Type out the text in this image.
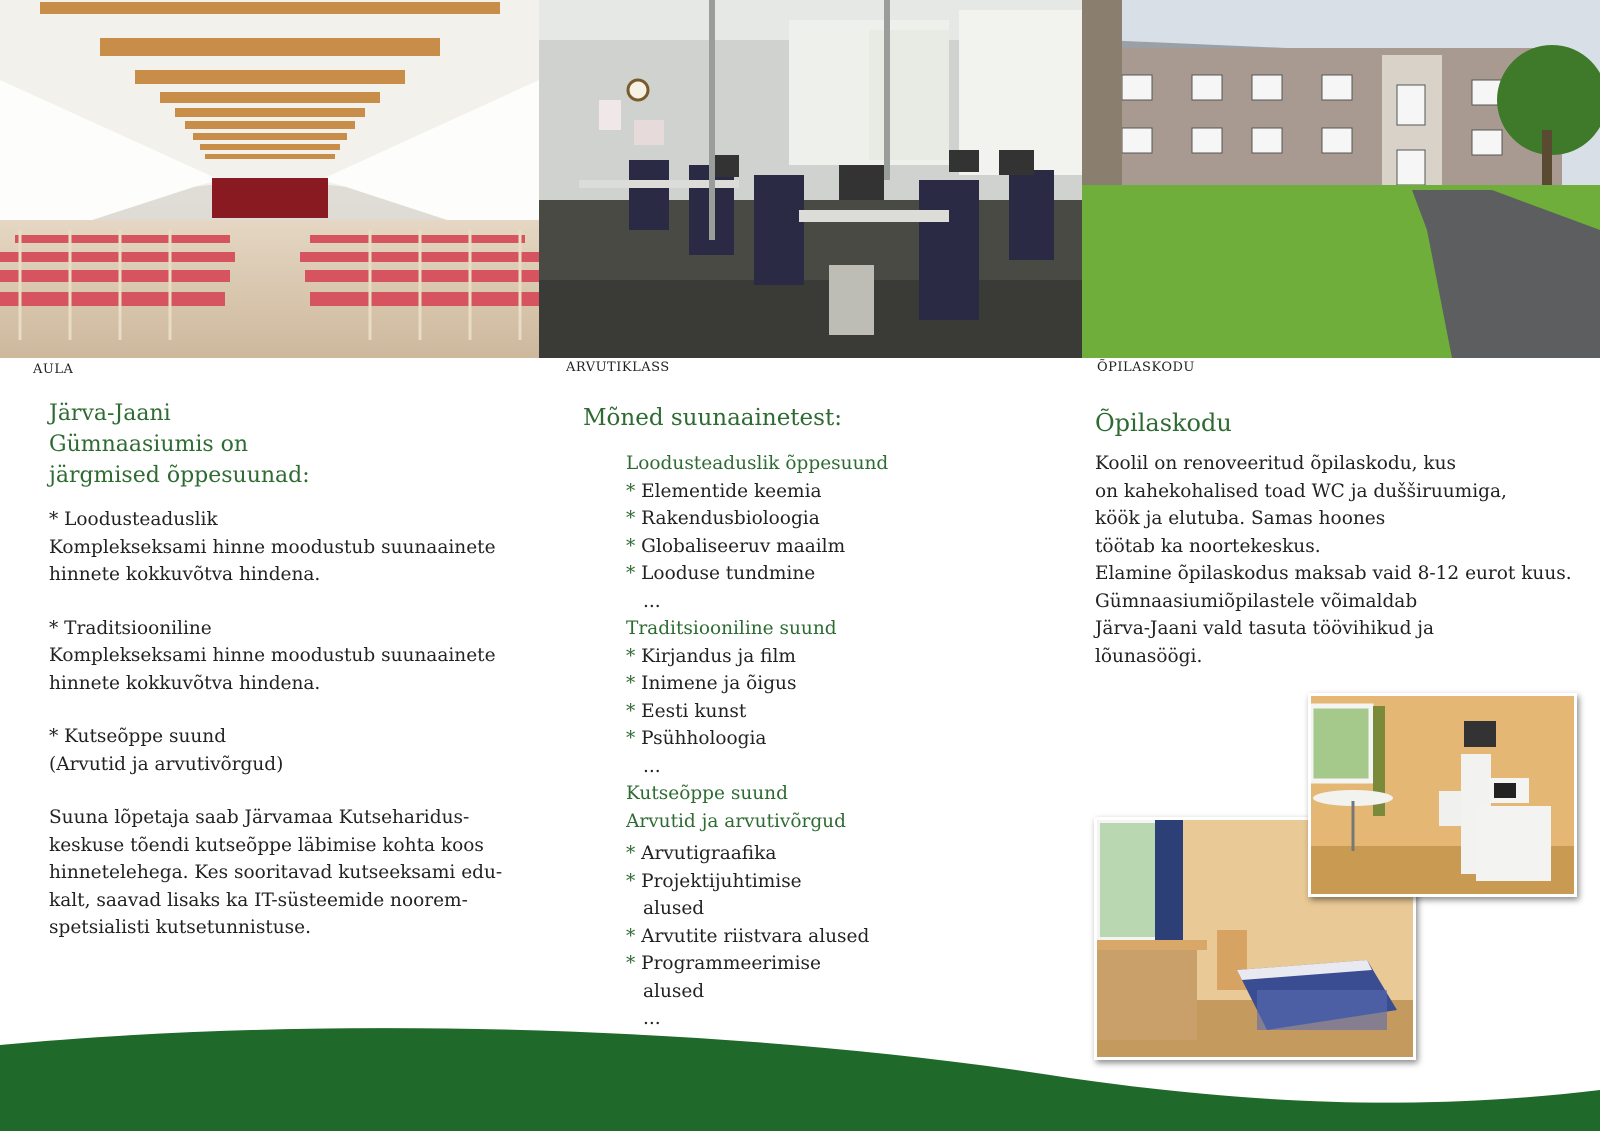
AULA	ARVUTIKLASS	ÕPILASKODU
Järva-Jaani
Gümnaasiumis on
järgmised õppesuunad:

* Loodusteaduslik

Komplekseksami hinne moodustub suunaainete

hinnete kokkuvõtva hindena.

* Traditsiooniline

Komplekseksami hinne moodustub suunaainete

hinnete kokkuvõtva hindena.

* Kutseõppe suund

(Arvutid ja arvutivõrgud)

Suuna lõpetaja saab Järvamaa Kutseharidus-

keskuse tõendi kutseõppe läbimise kohta koos

hinnetelehega. Kes sooritavad kutseeksami edu-

kalt, saavad lisaks ka IT-süsteemide noorem-

spetsialisti kutsetunnistuse.

Mõned suunaainetest:

Loodusteaduslik õppesuund

* Elementide keemia

* Rakendusbioloogia

* Globaliseeruv maailm

* Looduse tundmine

...

Traditsiooniline suund

* Kirjandus ja film

* Inimene ja õigus

* Eesti kunst

* Psühholoogia

...

Kutseõppe suund

Arvutid ja arvutivõrgud

* Arvutigraafika

* Projektijuhtimise

alused

* Arvutite riistvara alused

* Programmeerimise

alused

...

Õpilaskodu

Koolil on renoveeritud õpilaskodu, kus

on kahekohalised toad WC ja dušširuumiga,

köök ja elutuba. Samas hoones

töötab ka noortekeskus.

Elamine õpilaskodus maksab vaid 8-12 eurot kuus.

Gümnaasiumiõpilastele võimaldab

Järva-Jaani vald tasuta töövihikud ja

lõunasöögi.
